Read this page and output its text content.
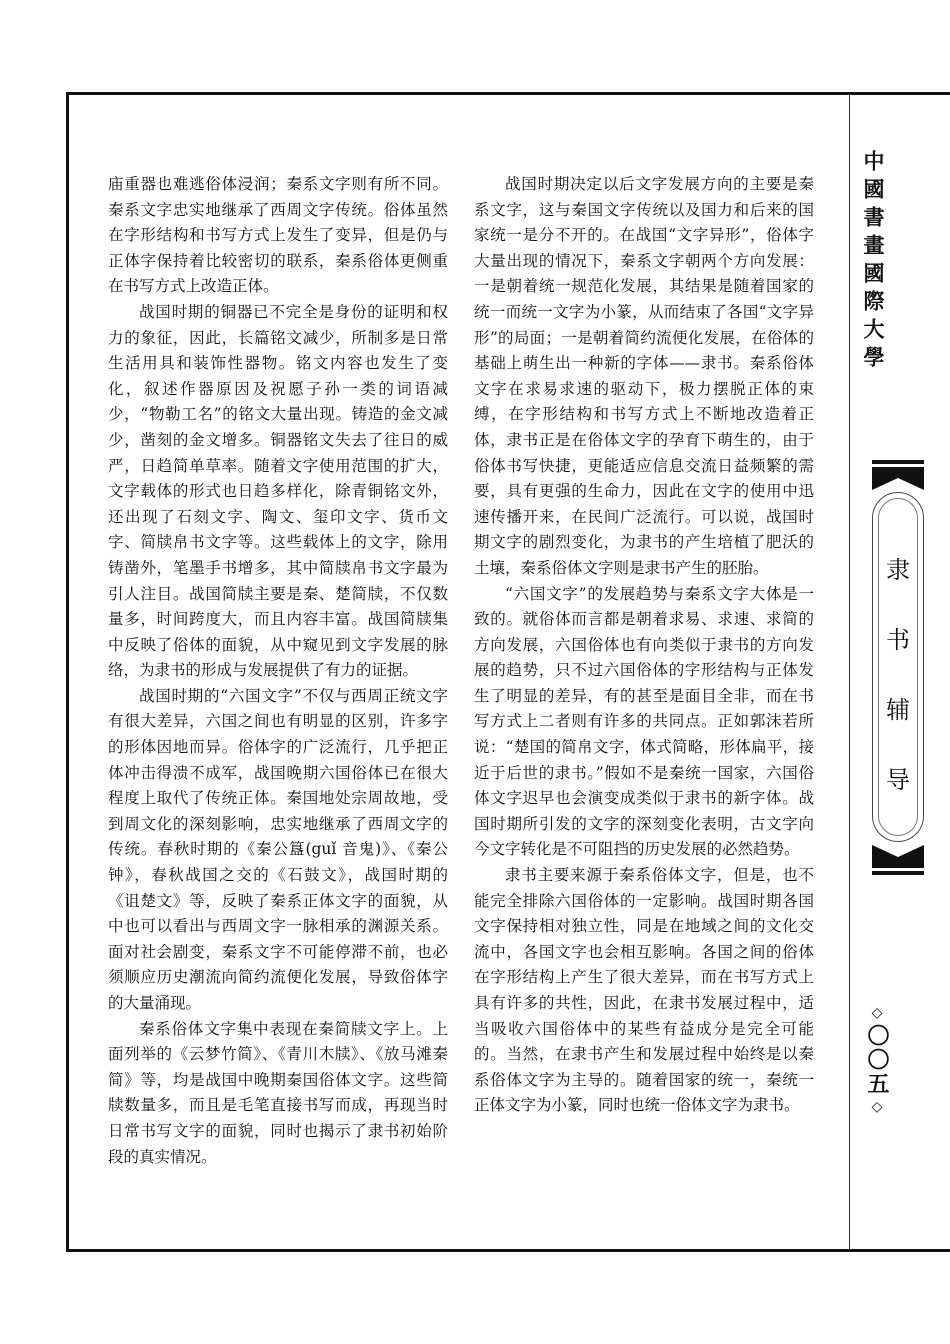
庙重器也难逃俗体浸润；秦系文字则有所不同。秦系文字忠实地继承了西周文字传统。俗体虽然在字形结构和书写方式上发生了变异，但是仍与正体字保持着比较密切的联系，秦系俗体更侧重在书写方式上改造正体。

战国时期的铜器已不完全是身份的证明和权力的象征，因此，长篇铭文减少，所制多是日常生活用具和装饰性器物。铭文内容也发生了变化，叙述作器原因及祝愿子孙一类的词语减少，“物勒工名”的铭文大量出现。铸造的金文减少，凿刻的金文增多。铜器铭文失去了往日的威严，日趋简单草率。随着文字使用范围的扩大，文字载体的形式也日趋多样化，除青铜铭文外，还出现了石刻文字、陶文、玺印文字、货币文字、简牍帛书文字等。这些载体上的文字，除用铸凿外，笔墨手书增多，其中简牍帛书文字最为引人注目。战国简牍主要是秦、楚简牍，不仅数量多，时间跨度大，而且内容丰富。战国简牍集中反映了俗体的面貌，从中窥见到文字发展的脉络，为隶书的形成与发展提供了有力的证据。

战国时期的“六国文字”不仅与西周正统文字有很大差异，六国之间也有明显的区别，许多字的形体因地而异。俗体字的广泛流行，几乎把正体冲击得溃不成军，战国晚期六国俗体已在很大程度上取代了传统正体。秦国地处宗周故地，受到周文化的深刻影响，忠实地继承了西周文字的传统。春秋时期的《秦公簋(guǐ 音鬼)》、《秦公钟》，春秋战国之交的《石鼓文》，战国时期的《诅楚文》等，反映了秦系正体文字的面貌，从中也可以看出与西周文字一脉相承的渊源关系。面对社会剧变，秦系文字不可能停滞不前，也必须顺应历史潮流向简约流便化发展，导致俗体字的大量涌现。

秦系俗体文字集中表现在秦简牍文字上。上面列举的《云梦竹简》、《青川木牍》、《放马滩秦简》等，均是战国中晚期秦国俗体文字。这些简牍数量多，而且是毛笔直接书写而成，再现当时日常书写文字的面貌，同时也揭示了隶书初始阶段的真实情况。

战国时期决定以后文字发展方向的主要是秦系文字，这与秦国文字传统以及国力和后来的国家统一是分不开的。在战国“文字异形”，俗体字大量出现的情况下，秦系文字朝两个方向发展：一是朝着统一规范化发展，其结果是随着国家的统一而统一文字为小篆，从而结束了各国“文字异形”的局面；一是朝着简约流便化发展，在俗体的基础上萌生出一种新的字体——隶书。秦系俗体文字在求易求速的驱动下，极力摆脱正体的束缚，在字形结构和书写方式上不断地改造着正体，隶书正是在俗体文字的孕育下萌生的，由于俗体书写快捷，更能适应信息交流日益频繁的需要，具有更强的生命力，因此在文字的使用中迅速传播开来，在民间广泛流行。可以说，战国时期文字的剧烈变化，为隶书的产生培植了肥沃的土壤，秦系俗体文字则是隶书产生的胚胎。

“六国文字”的发展趋势与秦系文字大体是一致的。就俗体而言都是朝着求易、求速、求简的方向发展，六国俗体也有向类似于隶书的方向发展的趋势，只不过六国俗体的字形结构与正体发生了明显的差异，有的甚至是面目全非，而在书写方式上二者则有许多的共同点。正如郭沫若所说：“楚国的简帛文字，体式简略，形体扁平，接近于后世的隶书。”假如不是秦统一国家，六国俗体文字迟早也会演变成类似于隶书的新字体。战国时期所引发的文字的深刻变化表明，古文字向今文字转化是不可阻挡的历史发展的必然趋势。

隶书主要来源于秦系俗体文字，但是，也不能完全排除六国俗体的一定影响。战国时期各国文字保持相对独立性，同是在地域之间的文化交流中，各国文字也会相互影响。各国之间的俗体在字形结构上产生了很大差异，而在书写方式上具有许多的共性，因此，在隶书发展过程中，适当吸收六国俗体中的某些有益成分是完全可能的。当然，在隶书产生和发展过程中始终是以秦系俗体文字为主导的。随着国家的统一，秦统一正体文字为小篆，同时也统一俗体文字为隶书。

中國書畫國際大學
隶
书
辅
导
◇
〇〇五
◇
